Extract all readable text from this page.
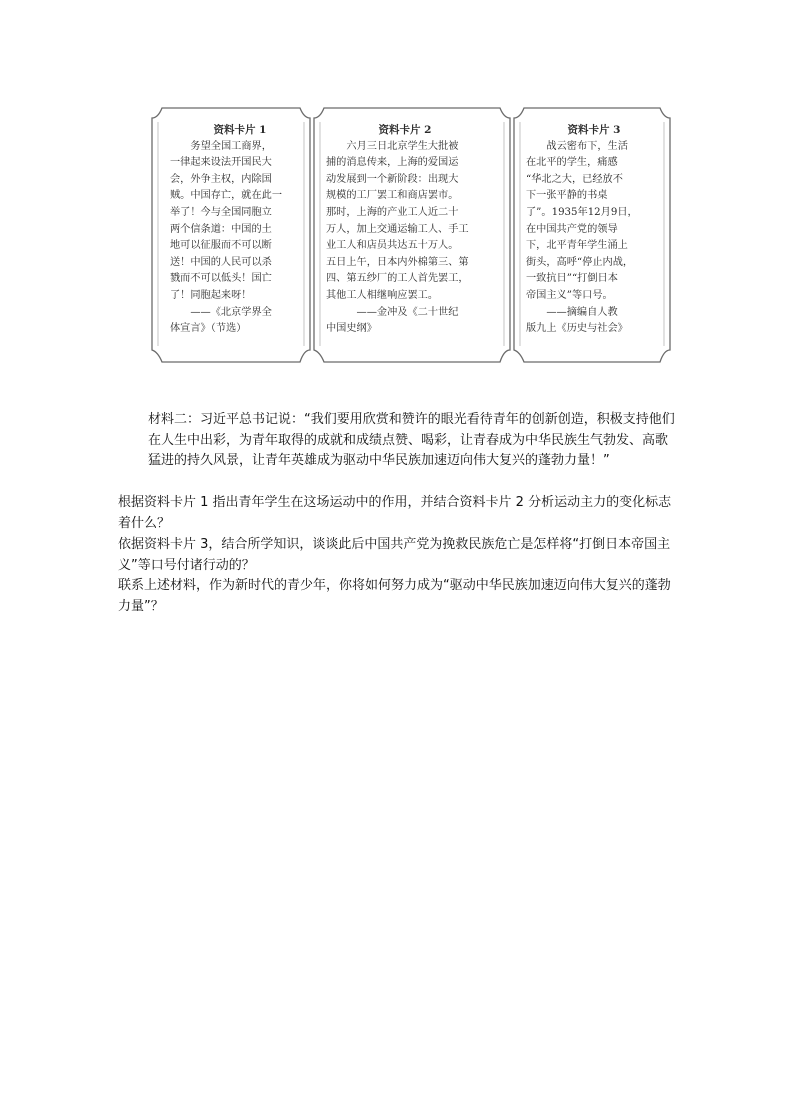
资料卡片 1
务望全国工商界，
一律起来设法开国民大
会，外争主权，内除国
贼。中国存亡，就在此一
举了！今与全国同胞立
两个信条道：中国的土
地可以征服而不可以断
送！中国的人民可以杀
戮而不可以低头！国亡
了！同胞起来呀！
　　——《北京学界全
体宣言》（节选）
资料卡片 2
六月三日北京学生大批被
捕的消息传来，上海的爱国运
动发展到一个新阶段：出现大
规模的工厂罢工和商店罢市。
那时，上海的产业工人近二十
万人，加上交通运输工人、手工
业工人和店员共达五十万人。
五日上午，日本内外棉第三、第
四、第五纱厂的工人首先罢工，
其他工人相继响应罢工。
　　　——金冲及《二十世纪
中国史纲》
资料卡片 3
战云密布下，生活
在北平的学生，痛感
“华北之大，已经放不
下一张平静的书桌
了”。1935年12月9日，
在中国共产党的领导
下，北平青年学生涌上
街头，高呼“停止内战，
一致抗日”“打倒日本
帝国主义”等口号。
　　——摘编自人教
版九上《历史与社会》
材料二：习近平总书记说：“我们要用欣赏和赞许的眼光看待青年的创新创造，积极支持他们在人生中出彩，为青年取得的成就和成绩点赞、喝彩，让青春成为中华民族生气勃发、高歌猛进的持久风景，让青年英雄成为驱动中华民族加速迈向伟大复兴的蓬勃力量！”
根据资料卡片 1 指出青年学生在这场运动中的作用，并结合资料卡片 2 分析运动主力的变化标志着什么？
依据资料卡片 3，结合所学知识，谈谈此后中国共产党为挽救民族危亡是怎样将“打倒日本帝国主义”等口号付诸行动的？
联系上述材料，作为新时代的青少年，你将如何努力成为“驱动中华民族加速迈向伟大复兴的蓬勃力量”？
